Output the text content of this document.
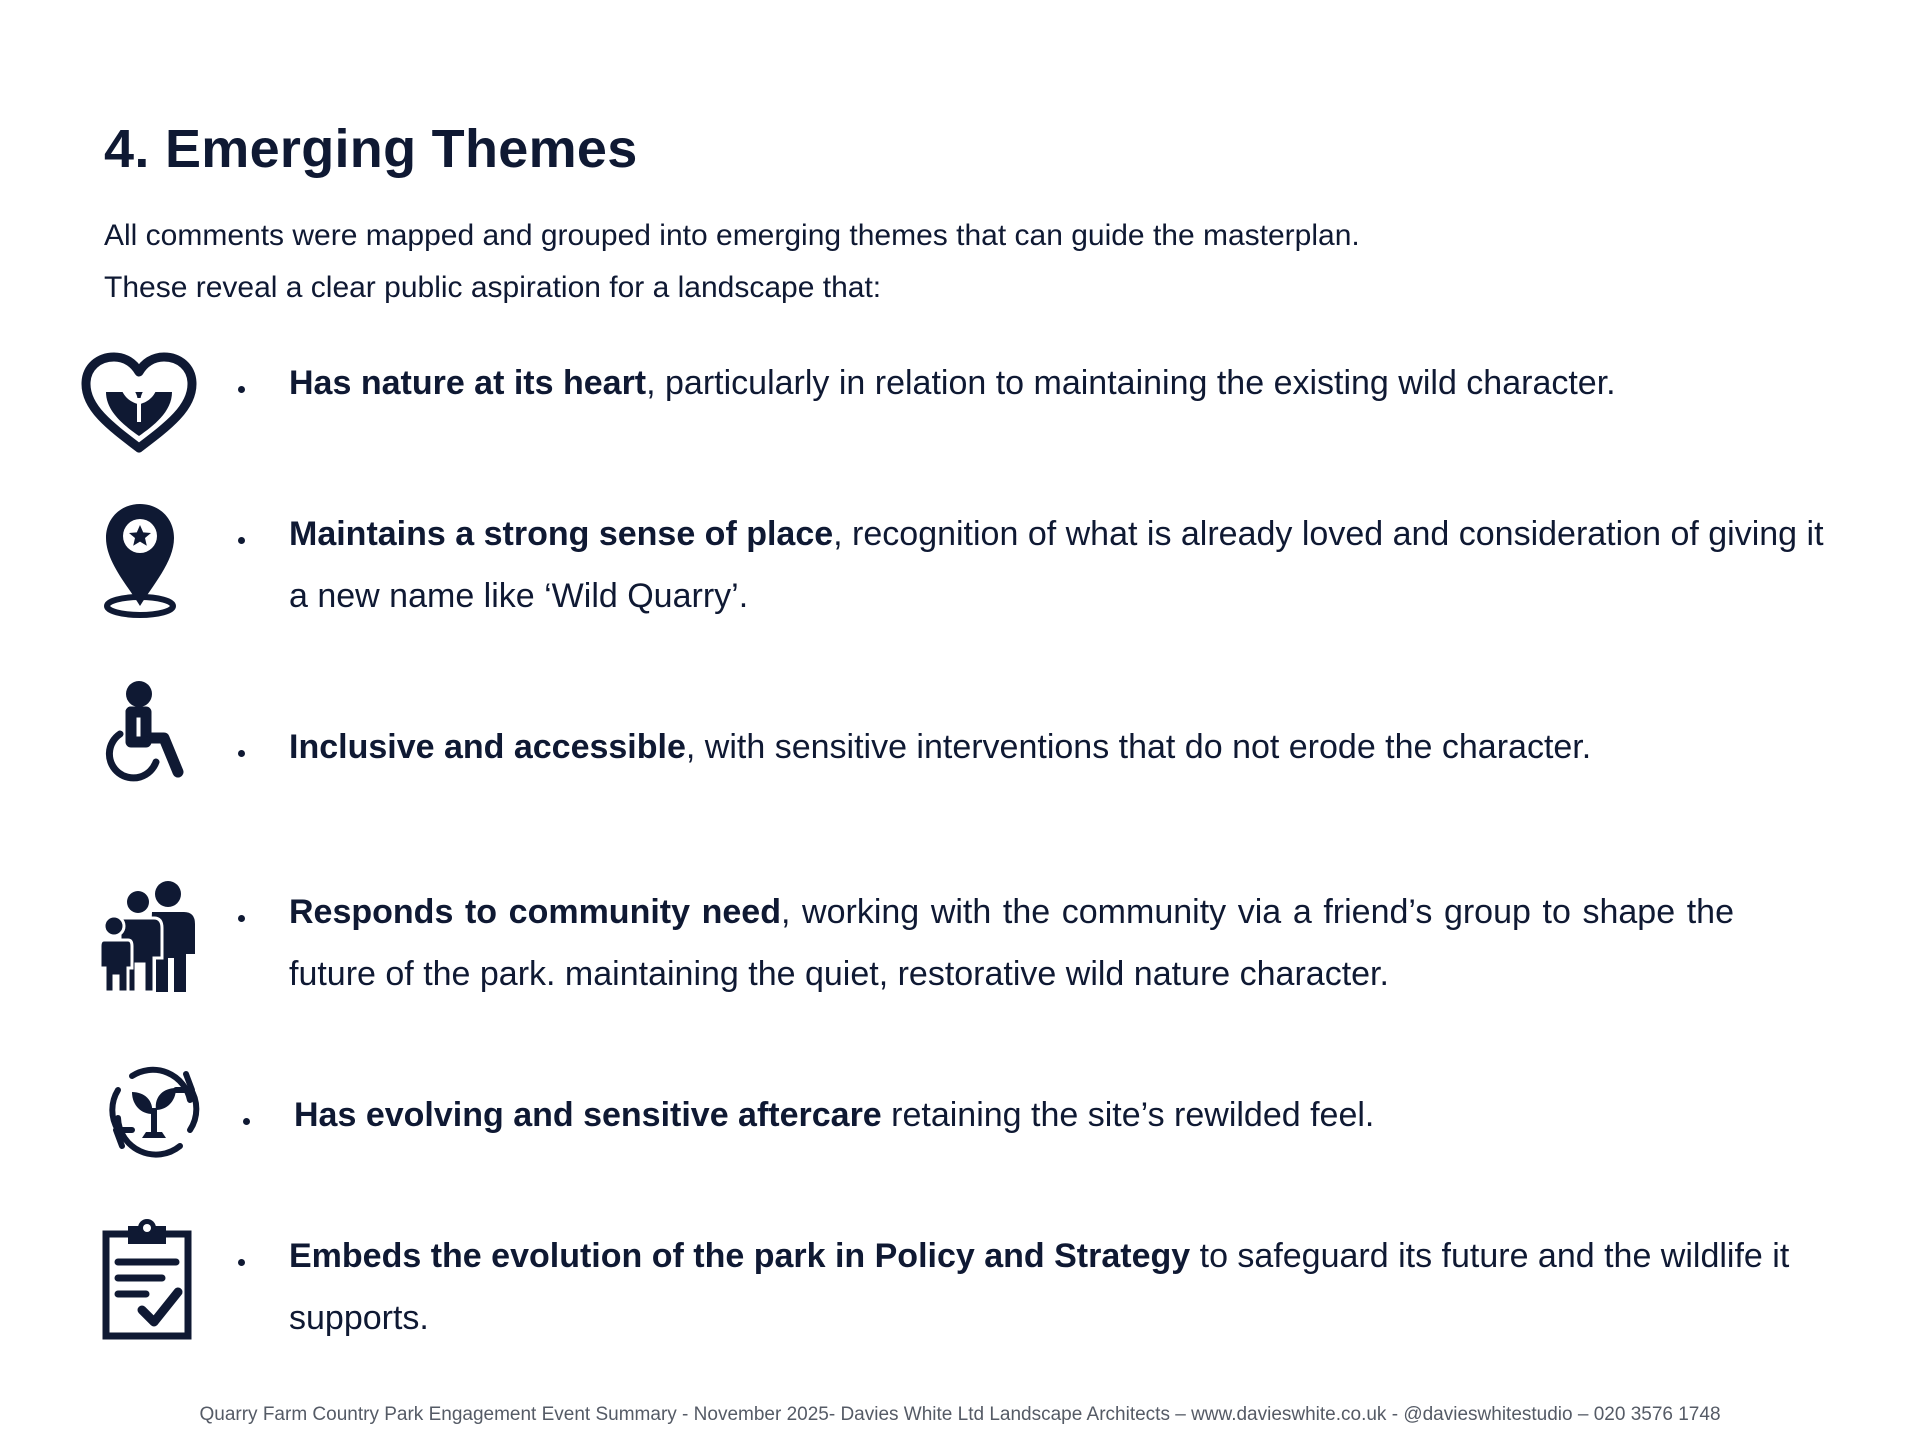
4. Emerging Themes

All comments were mapped and grouped into emerging themes that can guide the masterplan.

These reveal a clear public aspiration for a landscape that:

Has nature at its heart, particularly in relation to maintaining the existing wild character.

Maintains a strong sense of place, recognition of what is already loved and consideration of giving it a new name like ‘Wild Quarry’.

Inclusive and accessible, with sensitive interventions that do not erode the character.

Responds to community need, working with the community via a friend’s group to shape the future of the park. maintaining the quiet, restorative wild nature character.

Has evolving and sensitive aftercare retaining the site’s rewilded feel.

Embeds the evolution of the park in Policy and Strategy to safeguard its future and the wildlife it supports.

Quarry Farm Country Park Engagement Event Summary - November 2025- Davies White Ltd Landscape Architects – www.davieswhite.co.uk - @davieswhitestudio – 020 3576 1748
